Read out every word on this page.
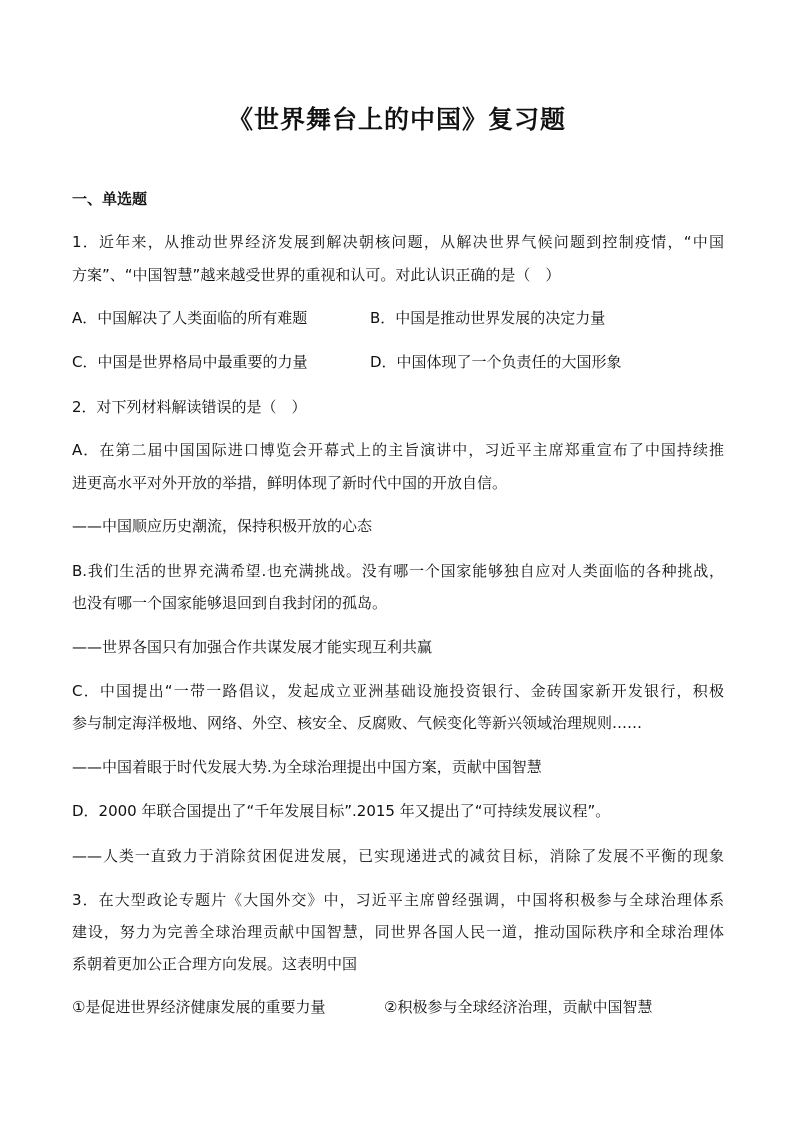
《世界舞台上的中国》复习题
一、单选题
1．近年来，从推动世界经济发展到解决朝核问题，从解决世界气候问题到控制疫情，“中国
方案”、“中国智慧”越来越受世界的重视和认可。对此认识正确的是（　）
A．中国解决了人类面临的所有难题	B．中国是推动世界发展的决定力量
C．中国是世界格局中最重要的力量	D．中国体现了一个负责任的大国形象
2．对下列材料解读错误的是（　）
A．在第二届中国国际进口博览会开幕式上的主旨演讲中，习近平主席郑重宣布了中国持续推
进更高水平对外开放的举措，鲜明体现了新时代中国的开放自信。
——中国顺应历史潮流，保持积极开放的心态
B.我们生活的世界充满希望.也充满挑战。没有哪一个国家能够独自应对人类面临的各种挑战，
也没有哪一个国家能够退回到自我封闭的孤岛。
——世界各国只有加强合作共谋发展才能实现互利共赢
C．中国提出“一带一路倡议，发起成立亚洲基础设施投资银行、金砖国家新开发银行，积极
参与制定海洋极地、网络、外空、核安全、反腐败、气候变化等新兴领域治理规则……
——中国着眼于时代发展大势.为全球治理提出中国方案，贡献中国智慧
D．2000 年联合国提出了“千年发展目标”.2015 年又提出了“可持续发展议程”。
——人类一直致力于消除贫困促进发展，已实现递进式的减贫目标，消除了发展不平衡的现象
3．在大型政论专题片《大国外交》中，习近平主席曾经强调，中国将积极参与全球治理体系
建设，努力为完善全球治理贡献中国智慧，同世界各国人民一道，推动国际秩序和全球治理体
系朝着更加公正合理方向发展。这表明中国
①是促进世界经济健康发展的重要力量	②积极参与全球经济治理，贡献中国智慧
